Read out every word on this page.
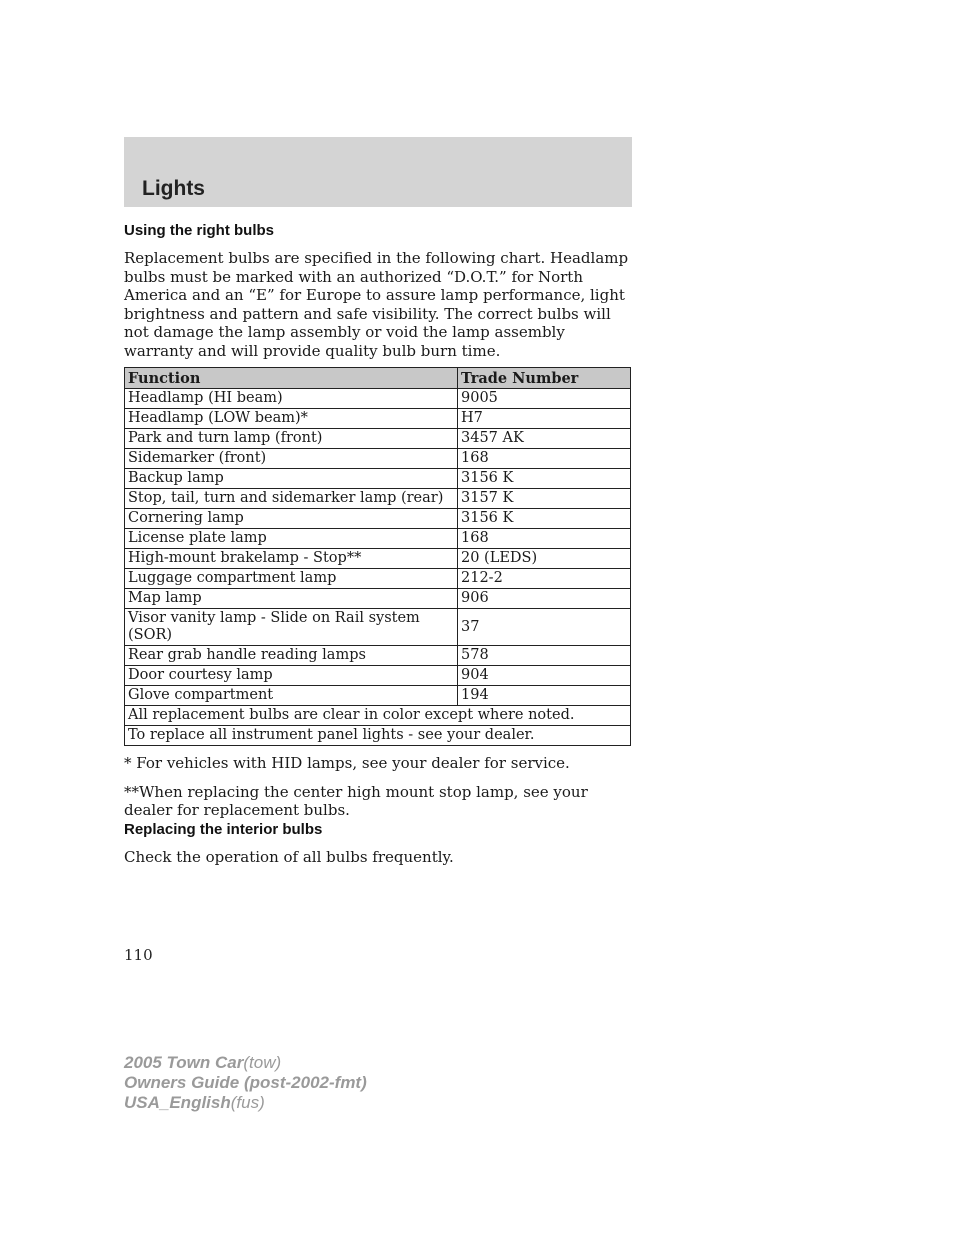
Lights
Using the right bulbs

Replacement bulbs are specified in the following chart. Headlamp bulbs must be marked with an authorized “D.O.T.” for North America and an “E” for Europe to assure lamp performance, light brightness and pattern and safe visibility. The correct bulbs will not damage the lamp assembly or void the lamp assembly warranty and will provide quality bulb burn time.

Function	Trade Number
Headlamp (HI beam)	9005
Headlamp (LOW beam)*	H7
Park and turn lamp (front)	3457 AK
Sidemarker (front)	168
Backup lamp	3156 K
Stop, tail, turn and sidemarker lamp (rear)	3157 K
Cornering lamp	3156 K
License plate lamp	168
High-mount brakelamp - Stop**	20 (LEDS)
Luggage compartment lamp	212-2
Map lamp	906
Visor vanity lamp - Slide on Rail system (SOR)	37
Rear grab handle reading lamps	578
Door courtesy lamp	904
Glove compartment	194
All replacement bulbs are clear in color except where noted.	
To replace all instrument panel lights - see your dealer.	

* For vehicles with HID lamps, see your dealer for service.

**When replacing the center high mount stop lamp, see your dealer for replacement bulbs.

Replacing the interior bulbs

Check the operation of all bulbs frequently.

110

2005 Town Car(tow)
Owners Guide (post-2002-fmt)
USA_English(fus)
